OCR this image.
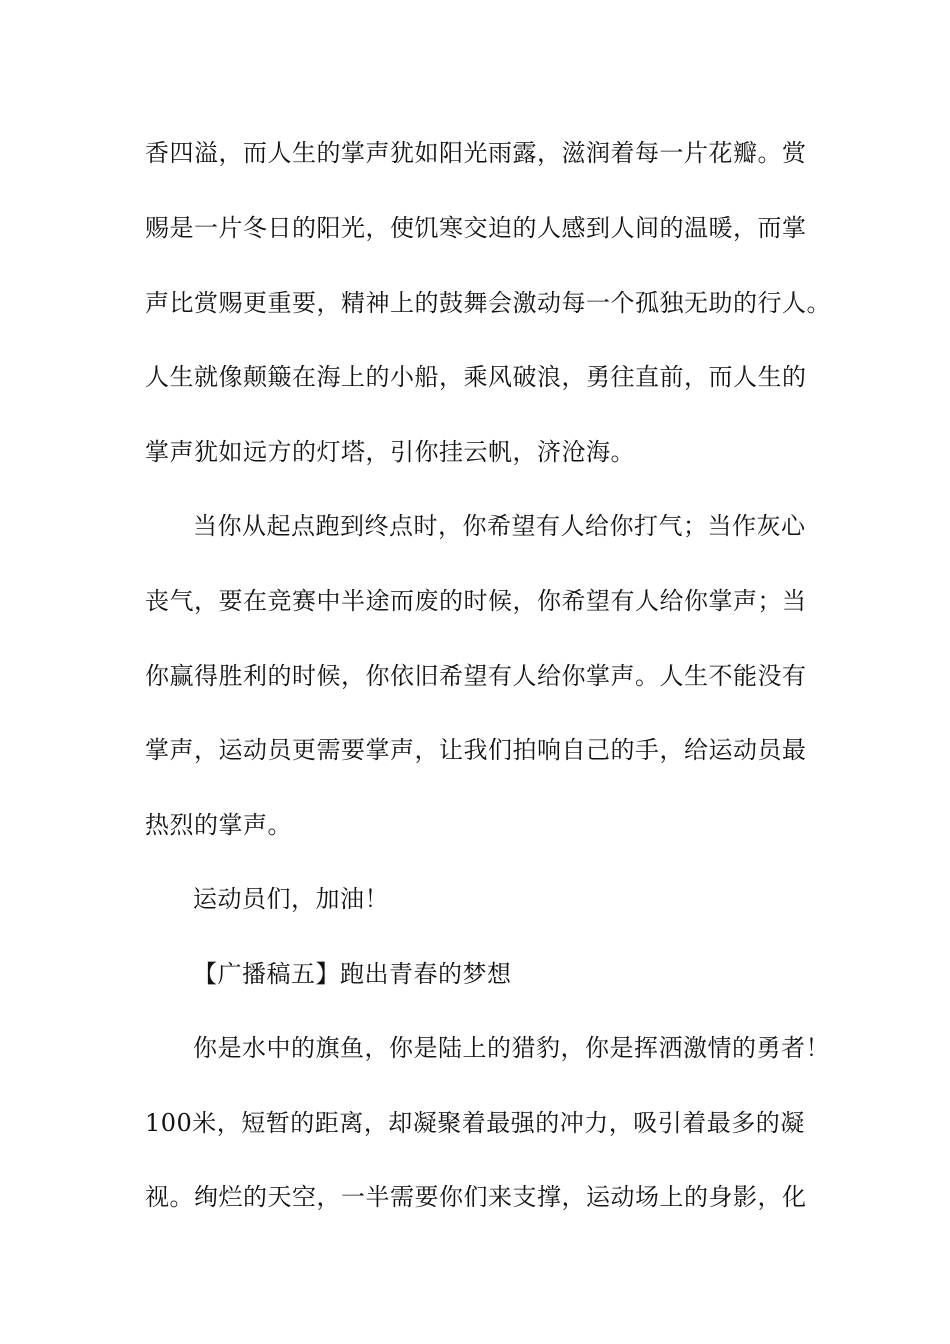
香四溢，而人生的掌声犹如阳光雨露，滋润着每一片花瓣。赏
赐是一片冬日的阳光，使饥寒交迫的人感到人间的温暖，而掌
声比赏赐更重要，精神上的鼓舞会激动每一个孤独无助的行人。
人生就像颠簸在海上的小船，乘风破浪，勇往直前，而人生的
掌声犹如远方的灯塔，引你挂云帆，济沧海。
当你从起点跑到终点时，你希望有人给你打气；当作灰心
丧气，要在竞赛中半途而废的时候，你希望有人给你掌声；当
你赢得胜利的时候，你依旧希望有人给你掌声。人生不能没有
掌声，运动员更需要掌声，让我们拍响自己的手，给运动员最
热烈的掌声。
运动员们，加油！
【广播稿五】跑出青春的梦想
你是水中的旗鱼，你是陆上的猎豹，你是挥洒激情的勇者！
100米，短暂的距离，却凝聚着最强的冲力，吸引着最多的凝
视。绚烂的天空，一半需要你们来支撑，运动场上的身影，化
